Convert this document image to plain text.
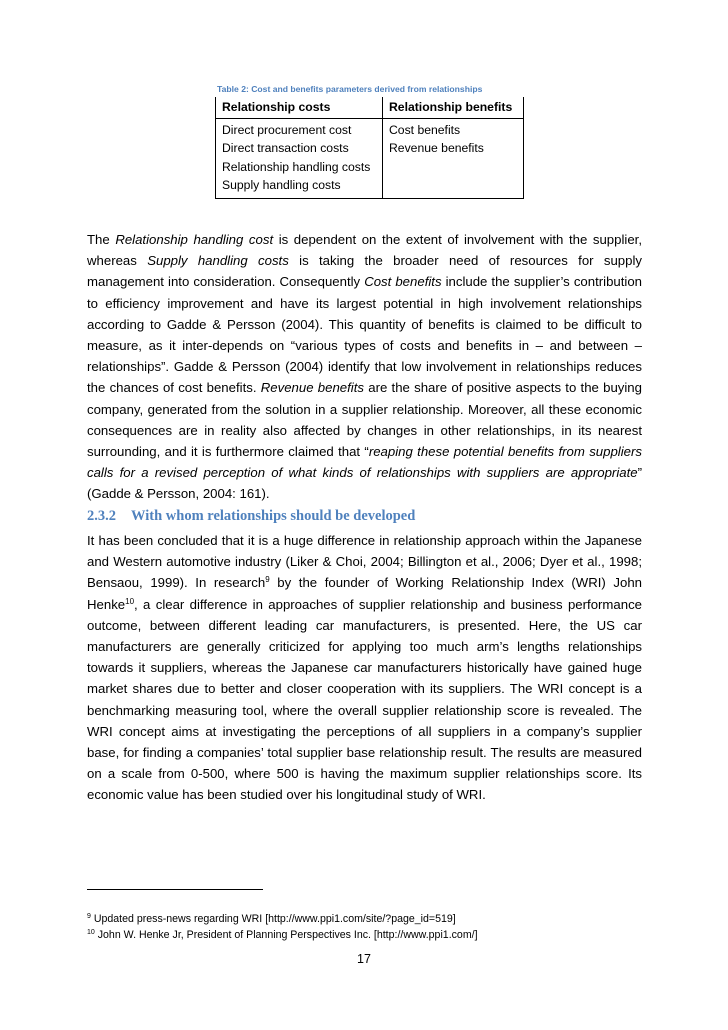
Table 2: Cost and benefits parameters derived from relationships
Relationship costs	Relationship benefits
Direct procurement cost	Cost benefits
Direct transaction costs	Revenue benefits
Relationship handling costs	
Supply handling costs	

The Relationship handling cost is dependent on the extent of involvement with the supplier, whereas Supply handling costs is taking the broader need of resources for supply management into consideration. Consequently Cost benefits include the supplier’s contribution to efficiency improvement and have its largest potential in high involvement relationships according to Gadde & Persson (2004). This quantity of benefits is claimed to be difficult to measure, as it inter-depends on “various types of costs and benefits in – and between – relationships”. Gadde & Persson (2004) identify that low involvement in relationships reduces the chances of cost benefits. Revenue benefits are the share of positive aspects to the buying company, generated from the solution in a supplier relationship. Moreover, all these economic consequences are in reality also affected by changes in other relationships, in its nearest surrounding, and it is furthermore claimed that “reaping these potential benefits from suppliers calls for a revised perception of what kinds of relationships with suppliers are appropriate” (Gadde & Persson, 2004: 161).

2.3.2 With whom relationships should be developed

It has been concluded that it is a huge difference in relationship approach within the Japanese and Western automotive industry (Liker & Choi, 2004; Billington et al., 2006; Dyer et al., 1998; Bensaou, 1999). In research$^9$ by the founder of Working Relationship Index (WRI) John Henke$^{10}$, a clear difference in approaches of supplier relationship and business performance outcome, between different leading car manufacturers, is presented. Here, the US car manufacturers are generally criticized for applying too much arm’s lengths relationships towards it suppliers, whereas the Japanese car manufacturers historically have gained huge market shares due to better and closer cooperation with its suppliers. The WRI concept is a benchmarking measuring tool, where the overall supplier relationship score is revealed. The WRI concept aims at investigating the perceptions of all suppliers in a company’s supplier base, for finding a companies’ total supplier base relationship result. The results are measured on a scale from 0-500, where 500 is having the maximum supplier relationships score. Its economic value has been studied over his longitudinal study of WRI.

$^9$ Updated press-news regarding WRI [http://www.ppi1.com/site/?page_id=519]
$^{10}$ John W. Henke Jr, President of Planning Perspectives Inc. [http://www.ppi1.com/]
17
